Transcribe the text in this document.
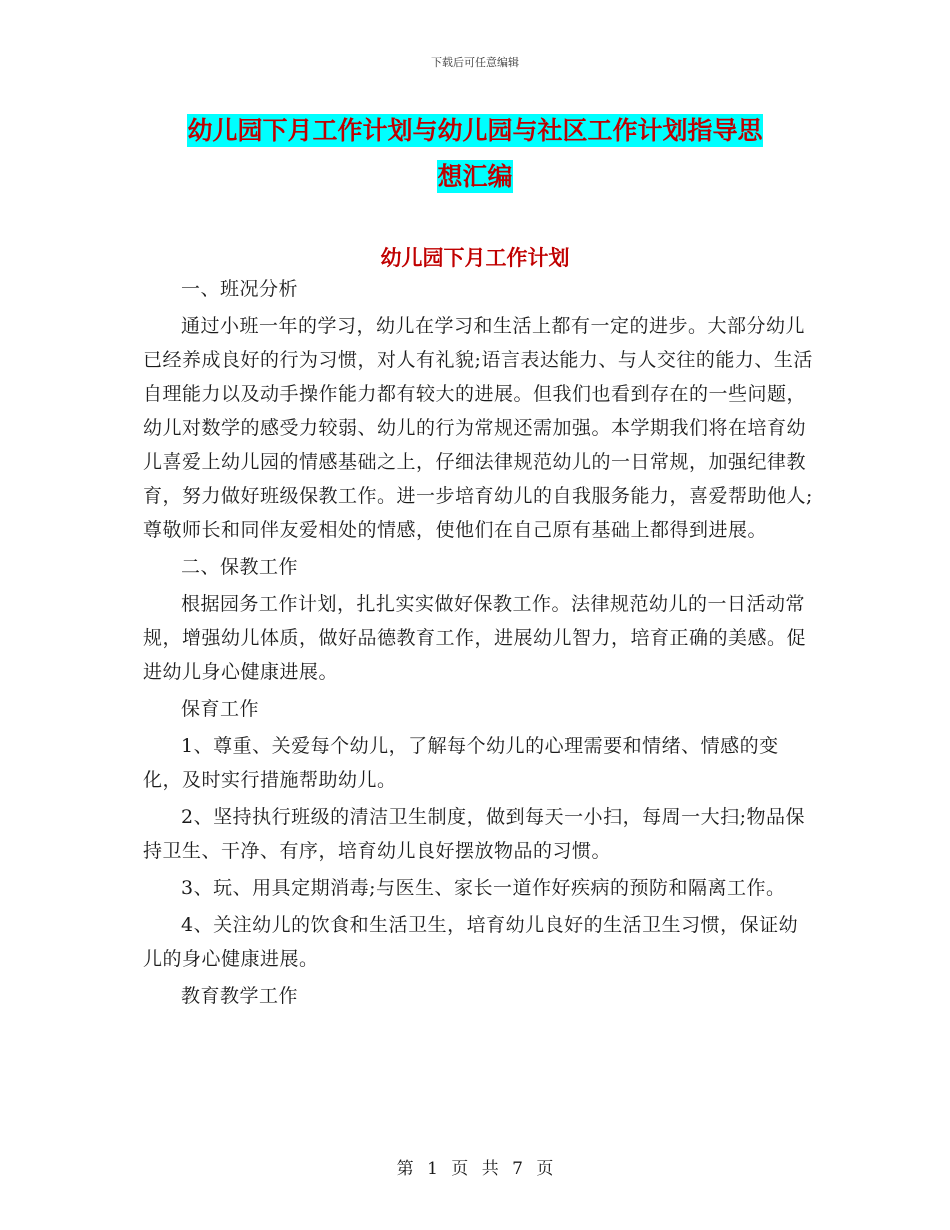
下载后可任意编辑
幼儿园下月工作计划与幼儿园与社区工作计划指导思
想汇编
幼儿园下月工作计划

一、班况分析

通过小班一年的学习，幼儿在学习和生活上都有一定的进步。大部分幼儿已经养成良好的行为习惯，对人有礼貌;语言表达能力、与人交往的能力、生活自理能力以及动手操作能力都有较大的进展。但我们也看到存在的一些问题，幼儿对数学的感受力较弱、幼儿的行为常规还需加强。本学期我们将在培育幼儿喜爱上幼儿园的情感基础之上，仔细法律规范幼儿的一日常规，加强纪律教育，努力做好班级保教工作。进一步培育幼儿的自我服务能力，喜爱帮助他人;尊敬师长和同伴友爱相处的情感，使他们在自己原有基础上都得到进展。

二、保教工作

根据园务工作计划，扎扎实实做好保教工作。法律规范幼儿的一日活动常规，增强幼儿体质，做好品德教育工作，进展幼儿智力，培育正确的美感。促进幼儿身心健康进展。

保育工作

1、尊重、关爱每个幼儿，了解每个幼儿的心理需要和情绪、情感的变化，及时实行措施帮助幼儿。

2、坚持执行班级的清洁卫生制度，做到每天一小扫，每周一大扫;物品保持卫生、干净、有序，培育幼儿良好摆放物品的习惯。

3、玩、用具定期消毒;与医生、家长一道作好疾病的预防和隔离工作。

4、关注幼儿的饮食和生活卫生，培育幼儿良好的生活卫生习惯，保证幼儿的身心健康进展。

教育教学工作

第 1 页 共 7 页
